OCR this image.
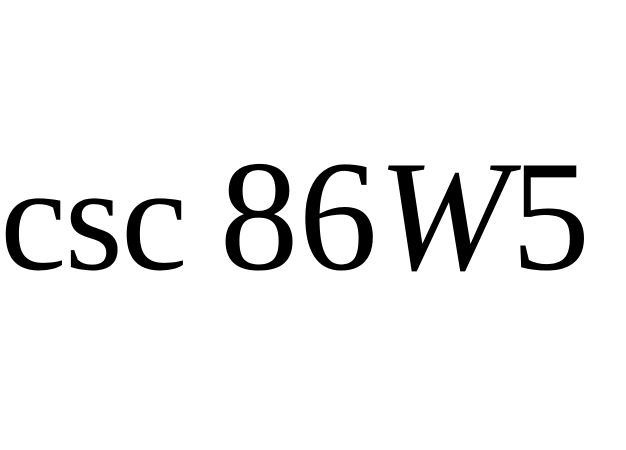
csc 86 W 5
